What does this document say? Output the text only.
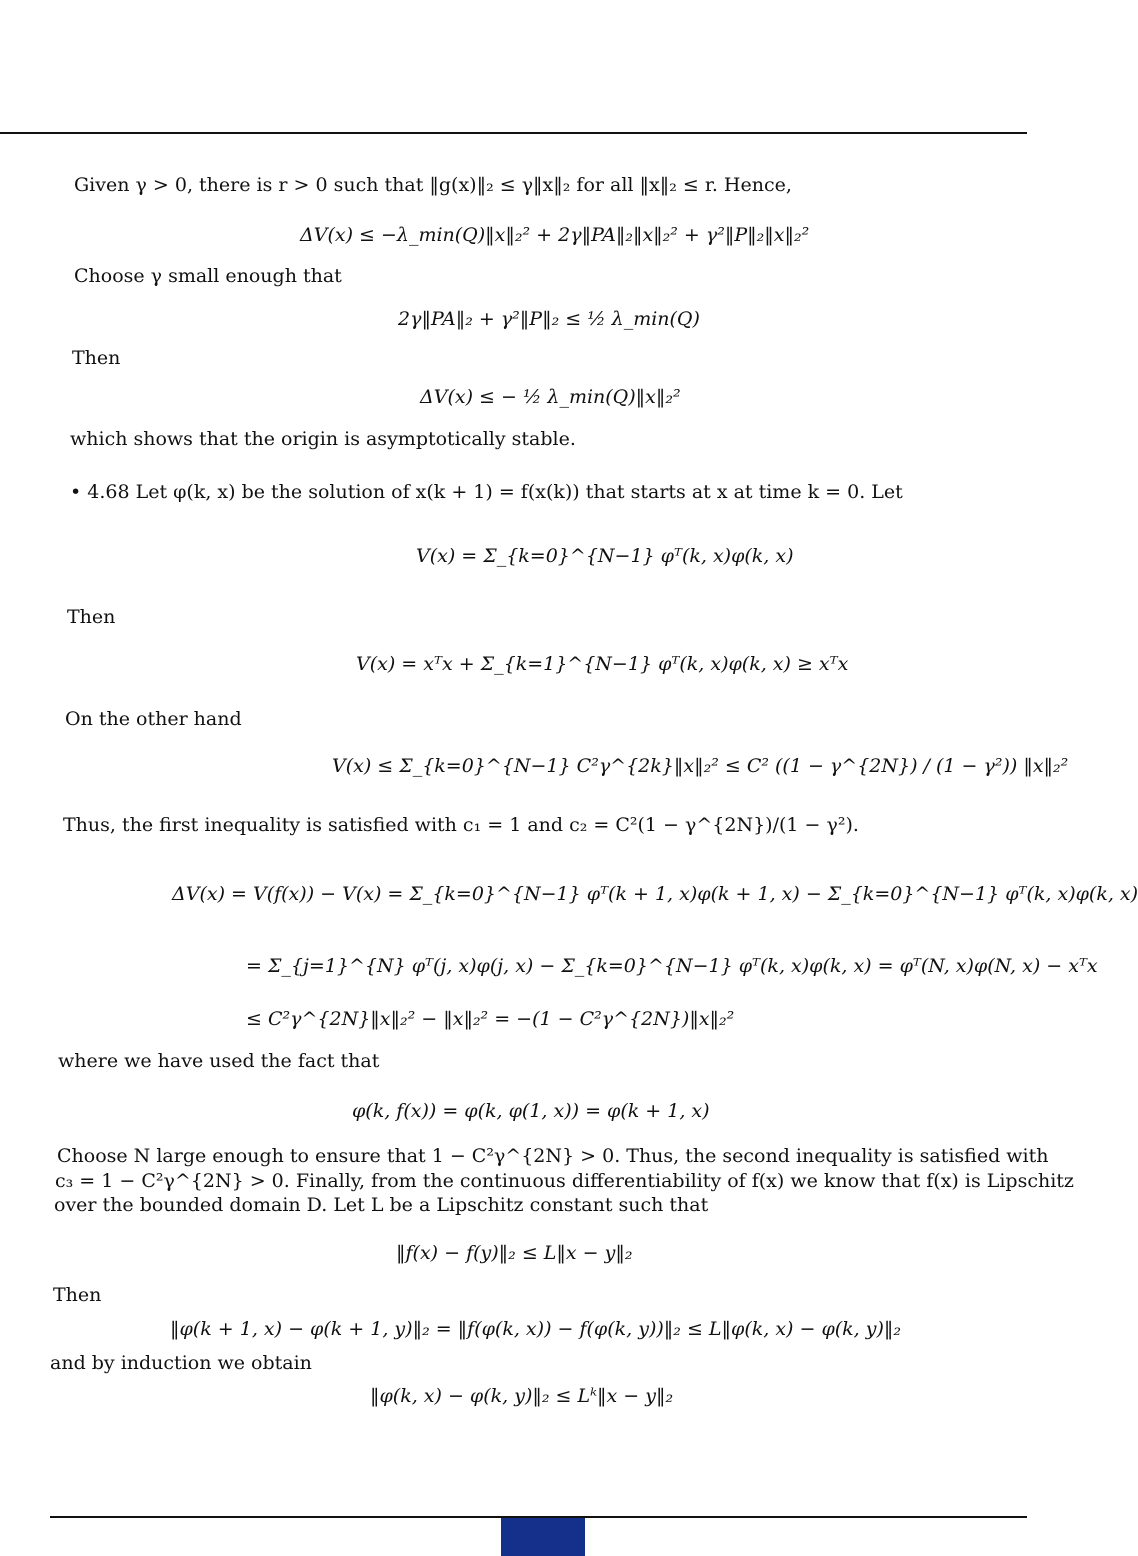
Given γ > 0, there is r > 0 such that ‖g(x)‖₂ ≤ γ‖x‖₂ for all ‖x‖₂ ≤ r. Hence,
ΔV(x) ≤ −λ_min(Q)‖x‖₂² + 2γ‖PA‖₂‖x‖₂² + γ²‖P‖₂‖x‖₂²
Choose γ small enough that
2γ‖PA‖₂ + γ²‖P‖₂ ≤ ½ λ_min(Q)
Then
ΔV(x) ≤ − ½ λ_min(Q)‖x‖₂²
which shows that the origin is asymptotically stable.
• 4.68 Let φ(k, x) be the solution of x(k + 1) = f(x(k)) that starts at x at time k = 0. Let
V(x) = Σ_{k=0}^{N−1} φᵀ(k, x)φ(k, x)
Then
V(x) = xᵀx + Σ_{k=1}^{N−1} φᵀ(k, x)φ(k, x) ≥ xᵀx
On the other hand
V(x) ≤ Σ_{k=0}^{N−1} C²γ^{2k}‖x‖₂² ≤ C² ((1 − γ^{2N}) / (1 − γ²)) ‖x‖₂²
Thus, the first inequality is satisfied with c₁ = 1 and c₂ = C²(1 − γ^{2N})/(1 − γ²).
ΔV(x) = V(f(x)) − V(x) = Σ_{k=0}^{N−1} φᵀ(k + 1, x)φ(k + 1, x) − Σ_{k=0}^{N−1} φᵀ(k, x)φ(k, x)
= Σ_{j=1}^{N} φᵀ(j, x)φ(j, x) − Σ_{k=0}^{N−1} φᵀ(k, x)φ(k, x) = φᵀ(N, x)φ(N, x) − xᵀx
≤ C²γ^{2N}‖x‖₂² − ‖x‖₂² = −(1 − C²γ^{2N})‖x‖₂²
where we have used the fact that
φ(k, f(x)) = φ(k, φ(1, x)) = φ(k + 1, x)
Choose N large enough to ensure that 1 − C²γ^{2N} > 0. Thus, the second inequality is satisfied with
c₃ = 1 − C²γ^{2N} > 0. Finally, from the continuous differentiability of f(x) we know that f(x) is Lipschitz
over the bounded domain D. Let L be a Lipschitz constant such that
‖f(x) − f(y)‖₂ ≤ L‖x − y‖₂
Then
‖φ(k + 1, x) − φ(k + 1, y)‖₂ = ‖f(φ(k, x)) − f(φ(k, y))‖₂ ≤ L‖φ(k, x) − φ(k, y)‖₂
and by induction we obtain
‖φ(k, x) − φ(k, y)‖₂ ≤ Lᵏ‖x − y‖₂
